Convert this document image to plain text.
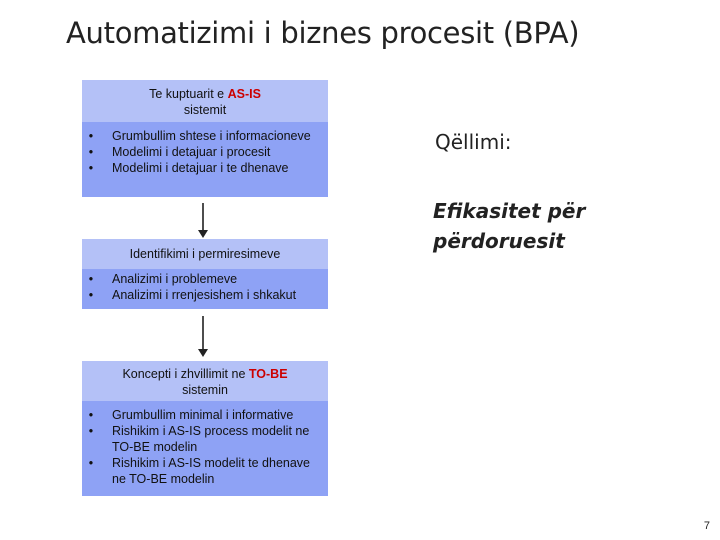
Automatizimi i biznes procesit (BPA)
Te kuptuarit e AS-IS
sistemit
• Grumbullim shtese i informacioneve
• Modelimi i detajuar i procesit
• Modelimi i detajuar i te dhenave
Identifikimi i permiresimeve
• Analizimi i problemeve
• Analizimi i rrenjesishem i shkakut
Koncepti i zhvillimit ne TO-BE
sistemin
• Grumbullim minimal i informative
• Rishikim i AS-IS process modelit ne TO-BE modelin
• Rishikim i AS-IS modelit te dhenave ne TO-BE modelin
Qëllimi:
Efikasitet për përdoruesit
7
